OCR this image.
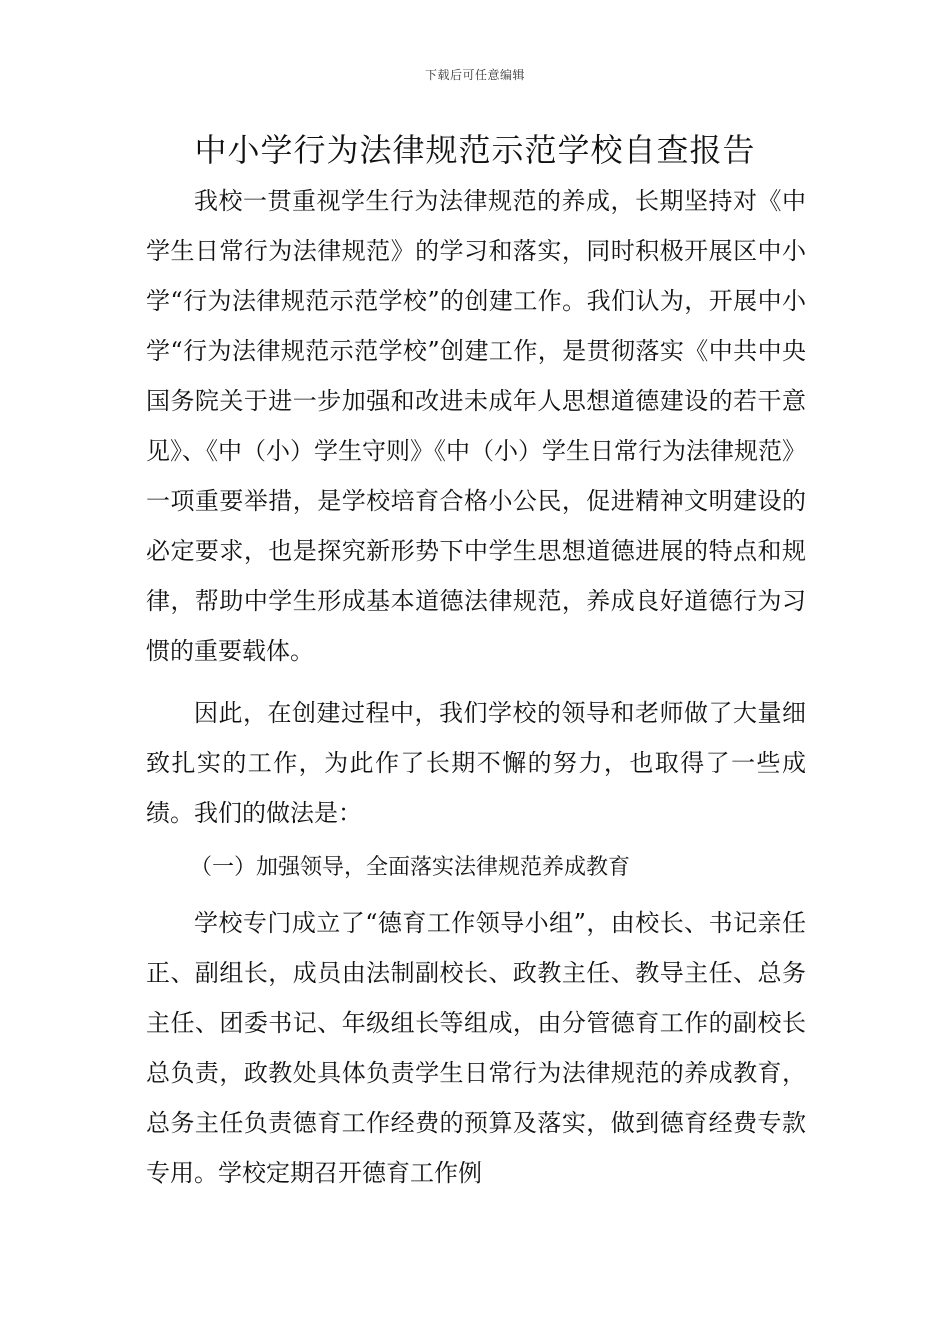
下载后可任意编辑
中小学行为法律规范示范学校自查报告

我校一贯重视学生行为法律规范的养成，长期坚持对《中学生日常行为法律规范》的学习和落实，同时积极开展区中小学“行为法律规范示范学校”的创建工作。我们认为，开展中小学“行为法律规范示范学校”创建工作，是贯彻落实《中共中央国务院关于进一步加强和改进未成年人思想道德建设的若干意见》、《中（小）学生守则》《中（小）学生日常行为法律规范》一项重要举措，是学校培育合格小公民，促进精神文明建设的必定要求，也是探究新形势下中学生思想道德进展的特点和规律，帮助中学生形成基本道德法律规范，养成良好道德行为习惯的重要载体。

因此，在创建过程中，我们学校的领导和老师做了大量细致扎实的工作，为此作了长期不懈的努力，也取得了一些成绩。我们的做法是：

（一）加强领导，全面落实法律规范养成教育

学校专门成立了“德育工作领导小组”，由校长、书记亲任正、副组长，成员由法制副校长、政教主任、教导主任、总务主任、团委书记、年级组长等组成，由分管德育工作的副校长总负责，政教处具体负责学生日常行为法律规范的养成教育，总务主任负责德育工作经费的预算及落实，做到德育经费专款专用。学校定期召开德育工作例
